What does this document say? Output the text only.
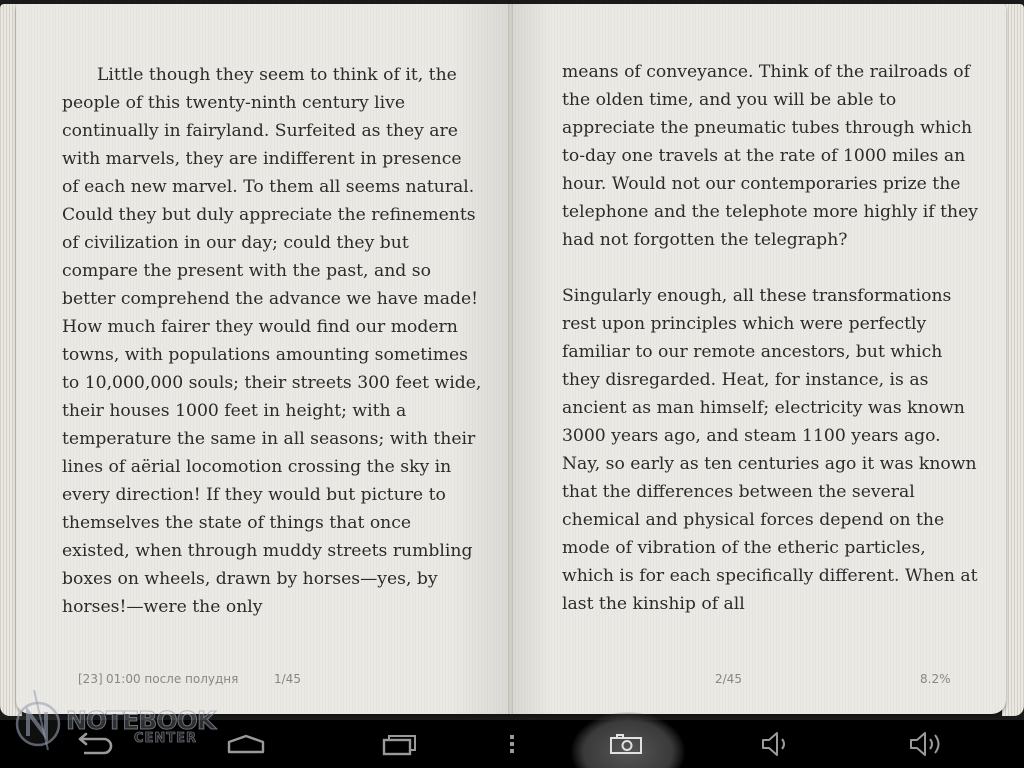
Little though they seem to think of it, the people of this twenty-ninth century live continually in fairyland. Surfeited as they are with marvels, they are indifferent in presence of each new marvel. To them all seems natural. Could they but duly appreciate the refinements of civilization in our day; could they but compare the present with the past, and so better comprehend the advance we have made! How much fairer they would find our modern towns, with populations amounting sometimes to 10,000,000 souls; their streets 300 feet wide, their houses 1000 feet in height; with a temperature the same in all seasons; with their lines of aërial locomotion crossing the sky in every direction! If they would but picture to themselves the state of things that once existed, when through muddy streets rumbling boxes on wheels, drawn by horses—yes, by horses!—were the only

[23] 01:00 после полудня	1/45

means of conveyance. Think of the railroads of the olden time, and you will be able to appreciate the pneumatic tubes through which to-day one travels at the rate of 1000 miles an hour. Would not our contemporaries prize the telephone and the telephote more highly if they had not forgotten the telegraph?

Singularly enough, all these transformations rest upon principles which were perfectly familiar to our remote ancestors, but which they disregarded. Heat, for instance, is as ancient as man himself; electricity was known 3000 years ago, and steam 1100 years ago. Nay, so early as ten centuries ago it was known that the differences between the several chemical and physical forces depend on the mode of vibration of the etheric particles, which is for each specifically different. When at last the kinship of all

2/45	8.2%
NOTEBOOK
CENTER
